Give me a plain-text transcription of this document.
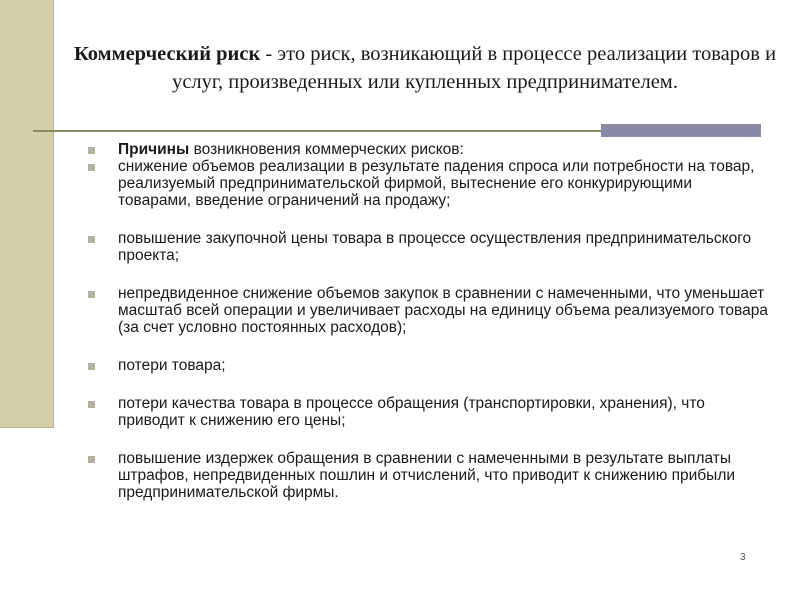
Коммерческий риск - это риск, возникающий в процессе реализации товаров и услуг, произведенных или купленных предпринимателем.
Причины возникновения коммерческих рисков:
снижение объемов реализации в результате падения спроса или потребности на товар, реализуемый предпринимательской фирмой, вытеснение его конкурирующими товарами, введение ограничений на продажу;
повышение закупочной цены товара в процессе осуществления предпринимательского проекта;
непредвиденное снижение объемов закупок в сравнении с намеченными, что уменьшает масштаб всей операции и увеличивает расходы на единицу объема реализуемого товара (за счет условно постоянных расходов);
потери товара;
потери качества товара в процессе обращения (транспортировки, хранения), что приводит к снижению его цены;
повышение издержек обращения в сравнении с намеченными в результате выплаты штрафов, непредвиденных пошлин и отчислений, что приводит к снижению прибыли предпринимательской фирмы.
3
